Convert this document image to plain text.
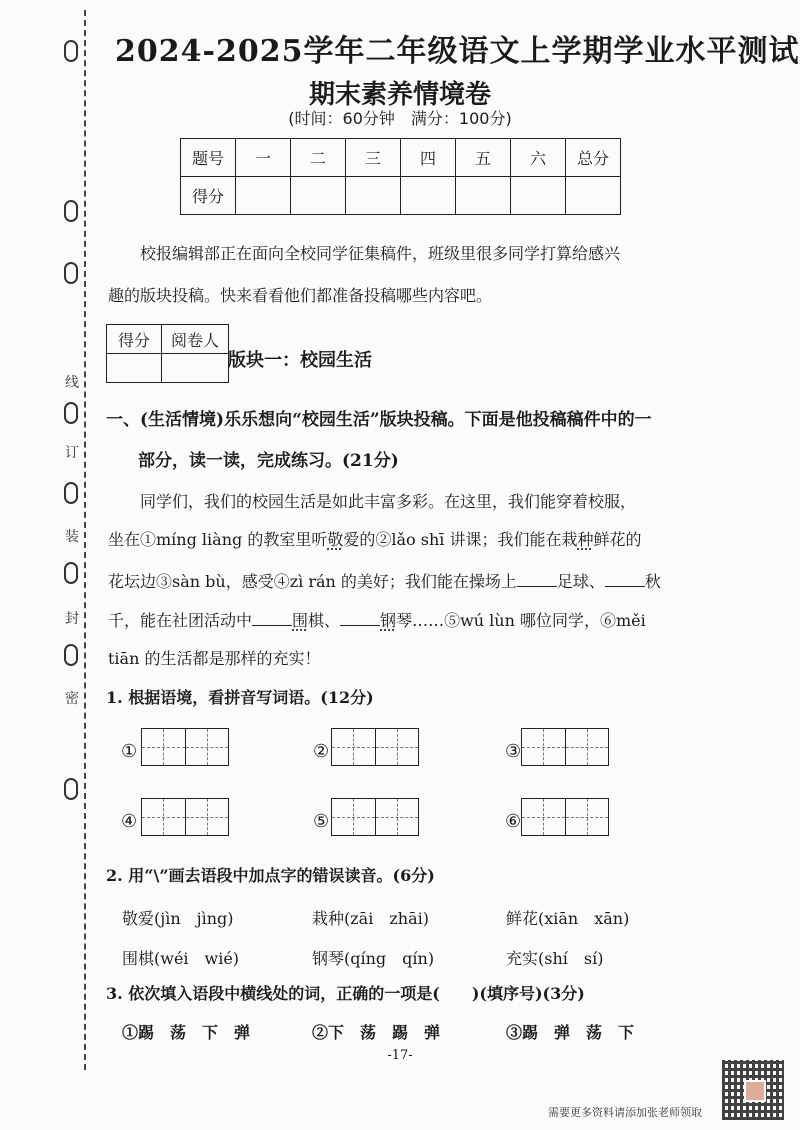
线
订
装
封
密
2024-2025学年二年级语文上学期学业水平测试
期末素养情境卷
(时间：60分钟　满分：100分)
题号	一	二	三	四	五	六	总分
得分							
校报编辑部正在面向全校同学征集稿件，班级里很多同学打算给感兴
趣的版块投稿。快来看看他们都准备投稿哪些内容吧。
得分	阅卷人

版块一：校园生活
一、(生活情境)乐乐想向“校园生活”版块投稿。下面是他投稿稿件中的一
部分，读一读，完成练习。(21分)
同学们，我们的校园生活是如此丰富多彩。在这里，我们能穿着校服，
坐在①míng liàng 的教室里听敬爱的②lǎo shī 讲课；我们能在栽种鲜花的
花坛边③sàn bù，感受④zì rán 的美好；我们能在操场上	足球、	秋
千，能在社团活动中	围棋、	钢琴……⑤wú lùn 哪位同学，⑥měi
tiān 的生活都是那样的充实！
1. 根据语境，看拼音写词语。(12分)
①	②	③
④	⑤	⑥
2. 用“\”画去语段中加点字的错误读音。(6分)
敬爱(jìn　jìng)	栽种(zāi　zhāi)	鲜花(xiān　xān)
围棋(wéi　wié)	钢琴(qíng　qín)	充实(shí　sí)
3. 依次填入语段中横线处的词，正确的一项是(　　)(填序号)(3分)
①踢　荡　下　弹	②下　荡　踢　弹	③踢　弹　荡　下
-17-
需要更多资料请添加张老师领取
